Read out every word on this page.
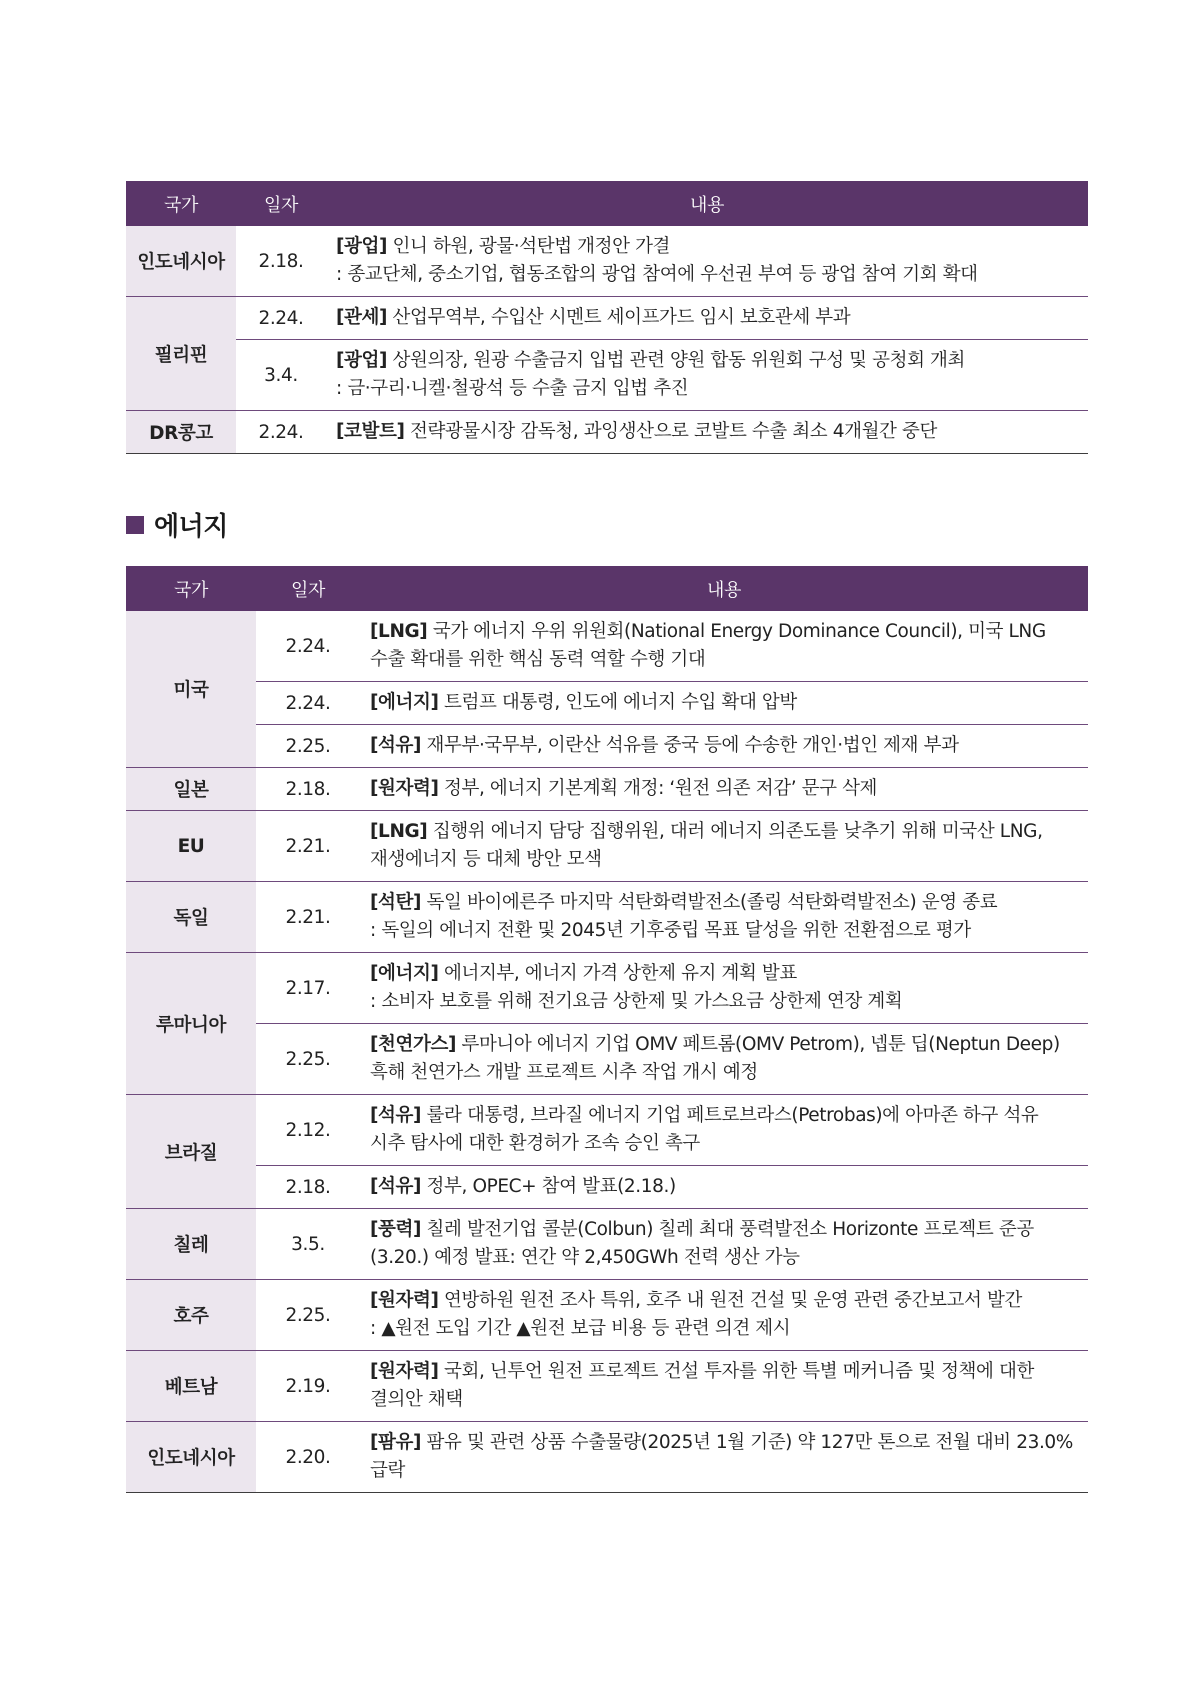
국가	일자	내용
인도네시아	2.18.	[광업] 인니 하원, 광물·석탄법 개정안 가결
: 종교단체, 중소기업, 협동조합의 광업 참여에 우선권 부여 등 광업 참여 기회 확대
필리핀	2.24.	[관세] 산업무역부, 수입산 시멘트 세이프가드 임시 보호관세 부과
	3.4.	[광업] 상원의장, 원광 수출금지 입법 관련 양원 합동 위원회 구성 및 공청회 개최
: 금·구리·니켈·철광석 등 수출 금지 입법 추진
DR콩고	2.24.	[코발트] 전략광물시장 감독청, 과잉생산으로 코발트 수출 최소 4개월간 중단
에너지
국가	일자	내용
미국	2.24.	[LNG] 국가 에너지 우위 위원회(National Energy Dominance Council), 미국 LNG
수출 확대를 위한 핵심 동력 역할 수행 기대
	2.24.	[에너지] 트럼프 대통령, 인도에 에너지 수입 확대 압박
	2.25.	[석유] 재무부·국무부, 이란산 석유를 중국 등에 수송한 개인·법인 제재 부과
일본	2.18.	[원자력] 정부, 에너지 기본계획 개정: ‘원전 의존 저감’ 문구 삭제
EU	2.21.	[LNG] 집행위 에너지 담당 집행위원, 대러 에너지 의존도를 낮추기 위해 미국산 LNG,
재생에너지 등 대체 방안 모색
독일	2.21.	[석탄] 독일 바이에른주 마지막 석탄화력발전소(졸링 석탄화력발전소) 운영 종료
: 독일의 에너지 전환 및 2045년 기후중립 목표 달성을 위한 전환점으로 평가
루마니아	2.17.	[에너지] 에너지부, 에너지 가격 상한제 유지 계획 발표
: 소비자 보호를 위해 전기요금 상한제 및 가스요금 상한제 연장 계획
	2.25.	[천연가스] 루마니아 에너지 기업 OMV 페트롬(OMV Petrom), 넵툰 딥(Neptun Deep)
흑해 천연가스 개발 프로젝트 시추 작업 개시 예정
브라질	2.12.	[석유] 룰라 대통령, 브라질 에너지 기업 페트로브라스(Petrobas)에 아마존 하구 석유
시추 탐사에 대한 환경허가 조속 승인 촉구
	2.18.	[석유] 정부, OPEC+ 참여 발표(2.18.)
칠레	3.5.	[풍력] 칠레 발전기업 콜분(Colbun) 칠레 최대 풍력발전소 Horizonte 프로젝트 준공
(3.20.) 예정 발표: 연간 약 2,450GWh 전력 생산 가능
호주	2.25.	[원자력] 연방하원 원전 조사 특위, 호주 내 원전 건설 및 운영 관련 중간보고서 발간
: ▲원전 도입 기간 ▲원전 보급 비용 등 관련 의견 제시
베트남	2.19.	[원자력] 국회, 닌투언 원전 프로젝트 건설 투자를 위한 특별 메커니즘 및 정책에 대한
결의안 채택
인도네시아	2.20.	[팜유] 팜유 및 관련 상품 수출물량(2025년 1월 기준) 약 127만 톤으로 전월 대비 23.0%
급락
